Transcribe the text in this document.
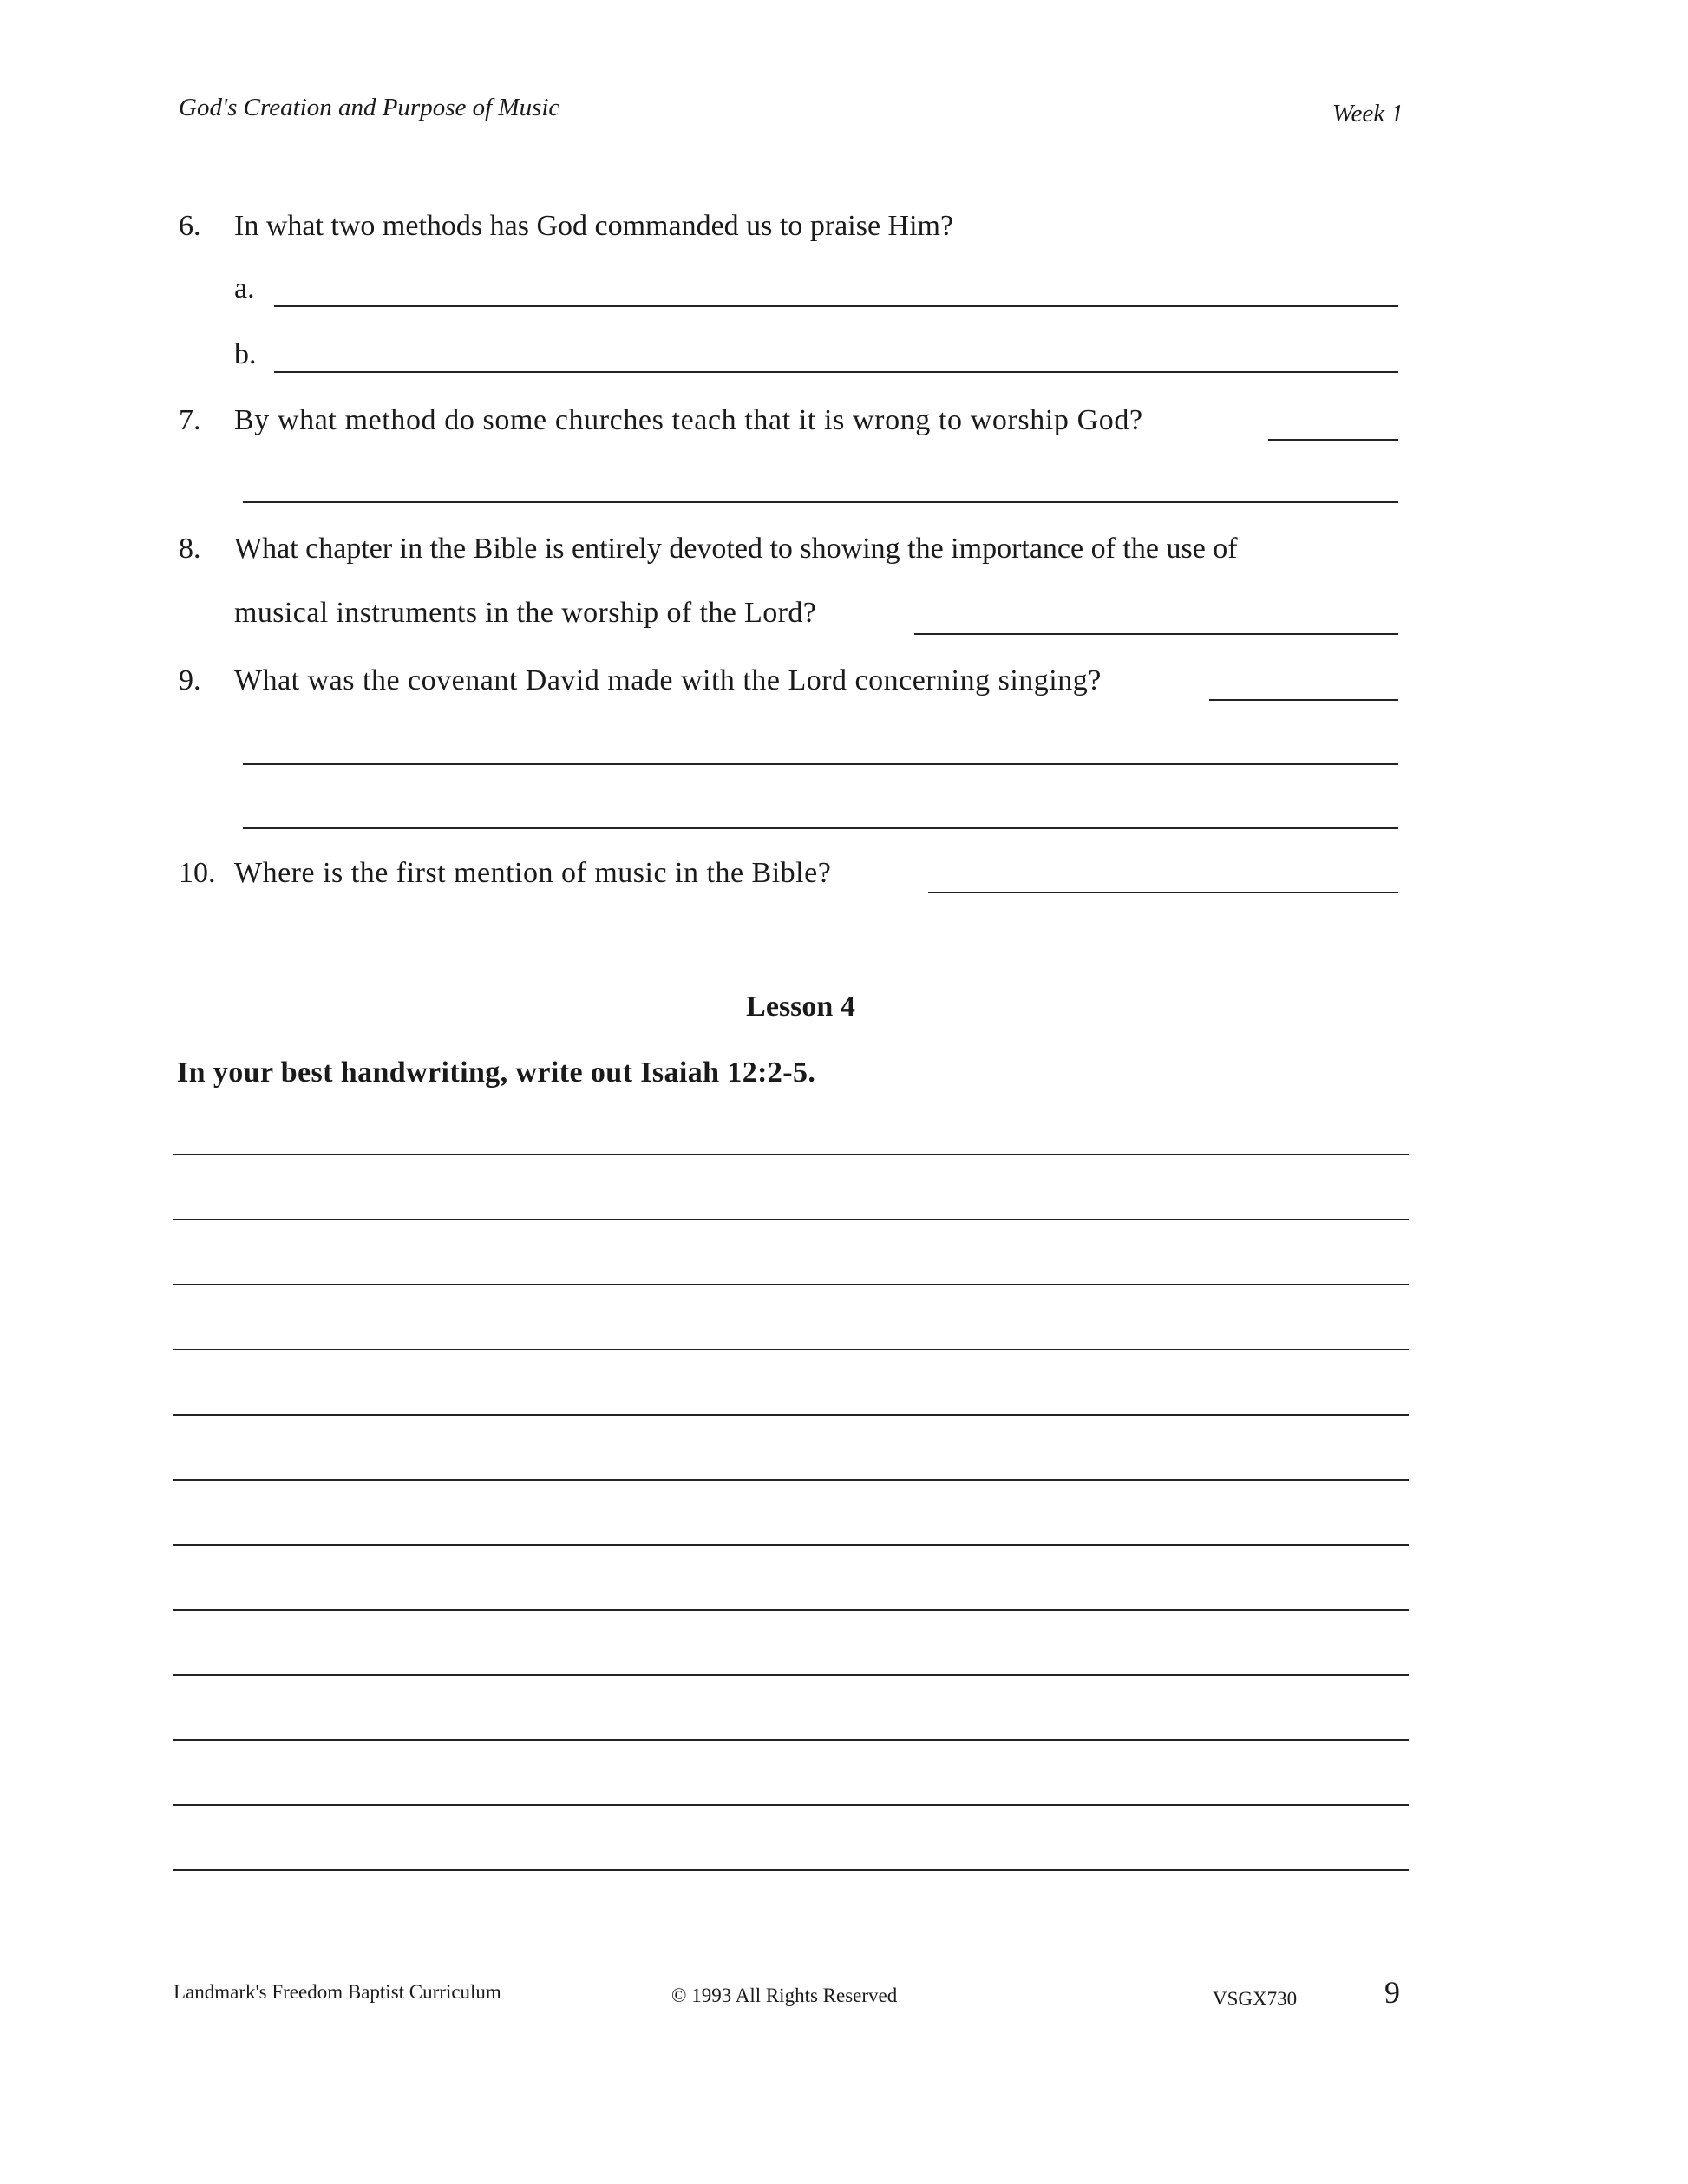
God's Creation and Purpose of Music	Week 1
6. In what two methods has God commanded us to praise Him?
a.
b.
7. By what method do some churches teach that it is wrong to worship God?
8. What chapter in the Bible is entirely devoted to showing the importance of the use of
musical instruments in the worship of the Lord?
9. What was the covenant David made with the Lord concerning singing?
10. Where is the first mention of music in the Bible?
Lesson 4
In your best handwriting, write out Isaiah 12:2-5.
Landmark's Freedom Baptist Curriculum	© 1993 All Rights Reserved	VSGX730	9
